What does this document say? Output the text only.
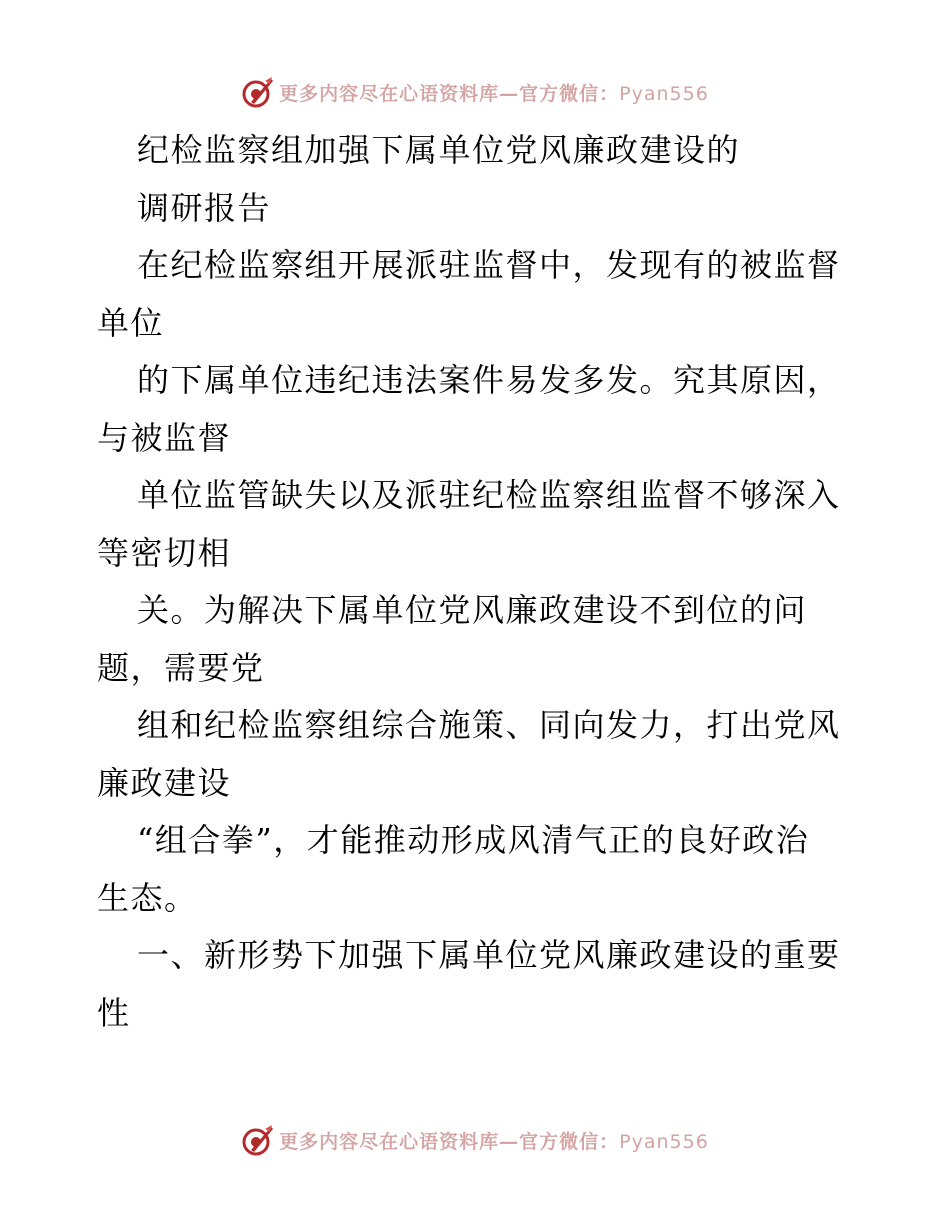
更多内容尽在心语资料库—官方微信：Pyan556
纪检监察组加强下属单位党风廉政建设的
调研报告
在纪检监察组开展派驻监督中，发现有的被监督
单位
的下属单位违纪违法案件易发多发。究其原因，
与被监督
单位监管缺失以及派驻纪检监察组监督不够深入
等密切相
关。为解决下属单位党风廉政建设不到位的问
题，需要党
组和纪检监察组综合施策、同向发力，打出党风
廉政建设
“组合拳”，才能推动形成风清气正的良好政治
生态。
一、新形势下加强下属单位党风廉政建设的重要
性
更多内容尽在心语资料库—官方微信：Pyan556
